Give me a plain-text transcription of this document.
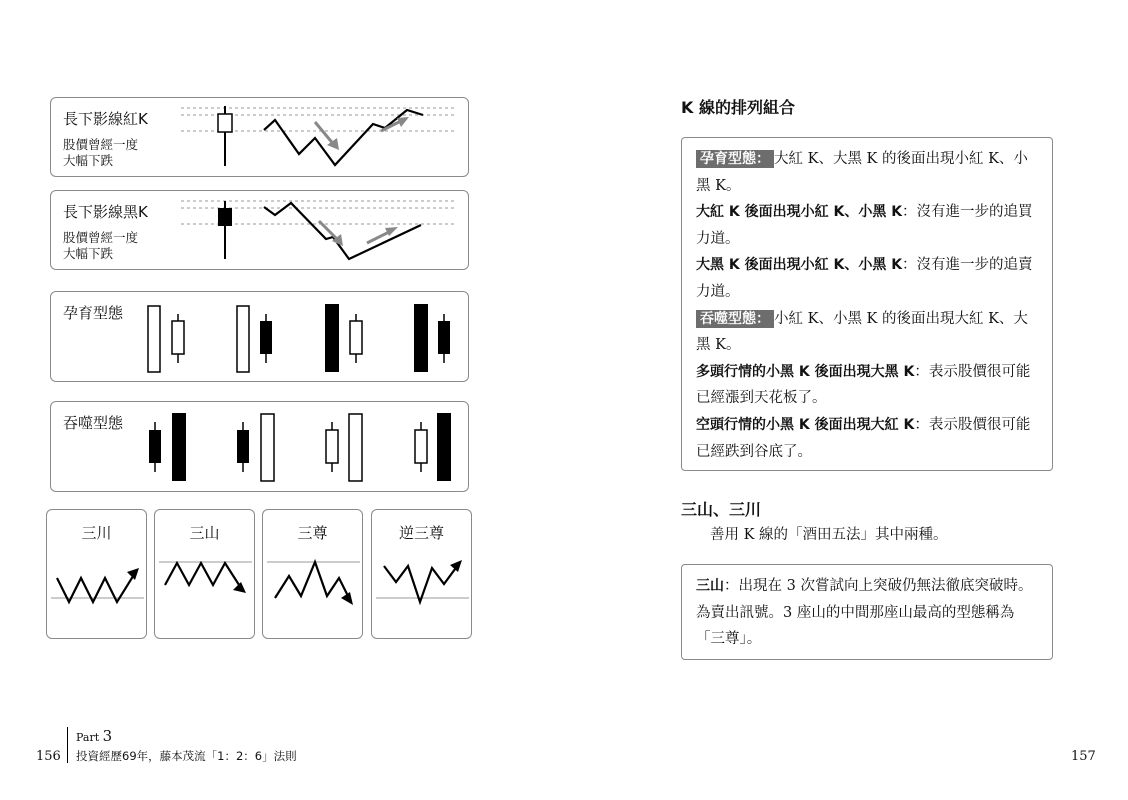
長下影線紅K
股價曾經一度
大幅下跌
長下影線黑K
股價曾經一度
大幅下跌
孕育型態
吞噬型態
三川	三山	三尊	逆三尊
156
Part 3
投資經歷69年，藤本茂流「1：2：6」法則
K 線的排列組合

孕育型態： 大紅 K、大黑 K 的後面出現小紅 K、小黑 K。

大紅 K 後面出現小紅 K、小黑 K：沒有進一步的追買力道。

大黑 K 後面出現小紅 K、小黑 K：沒有進一步的追賣力道。

吞噬型態： 小紅 K、小黑 K 的後面出現大紅 K、大黑 K。

多頭行情的小黑 K 後面出現大黑 K：表示股價很可能已經漲到天花板了。

空頭行情的小黑 K 後面出現大紅 K：表示股價很可能已經跌到谷底了。

三山、三川
善用 K 線的「酒田五法」其中兩種。

三山：出現在 3 次嘗試向上突破仍無法徹底突破時。為賣出訊號。3 座山的中間那座山最高的型態稱為「三尊」。

157
